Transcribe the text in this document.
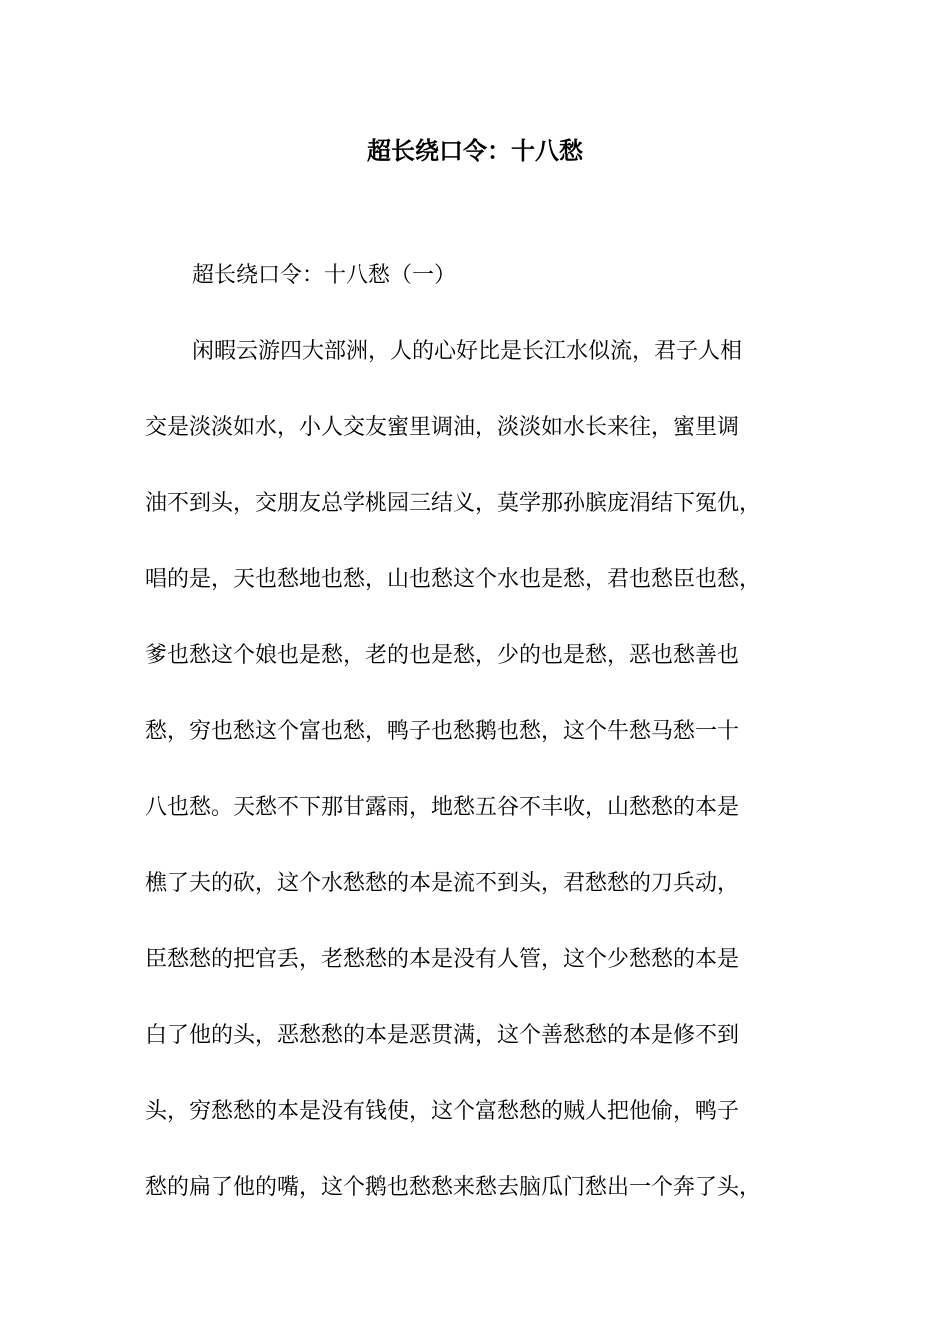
超长绕口令：十八愁
超长绕口令：十八愁（一）
闲暇云游四大部洲，人的心好比是长江水似流，君子人相
交是淡淡如水，小人交友蜜里调油，淡淡如水长来往，蜜里调
油不到头，交朋友总学桃园三结义，莫学那孙膑庞涓结下冤仇，
唱的是，天也愁地也愁，山也愁这个水也是愁，君也愁臣也愁，
爹也愁这个娘也是愁，老的也是愁，少的也是愁，恶也愁善也
愁，穷也愁这个富也愁，鸭子也愁鹅也愁，这个牛愁马愁一十
八也愁。天愁不下那甘露雨，地愁五谷不丰收，山愁愁的本是
樵了夫的砍，这个水愁愁的本是流不到头，君愁愁的刀兵动，
臣愁愁的把官丢，老愁愁的本是没有人管，这个少愁愁的本是
白了他的头，恶愁愁的本是恶贯满，这个善愁愁的本是修不到
头，穷愁愁的本是没有钱使，这个富愁愁的贼人把他偷，鸭子
愁的扁了他的嘴，这个鹅也愁愁来愁去脑瓜门愁出一个奔了头，
